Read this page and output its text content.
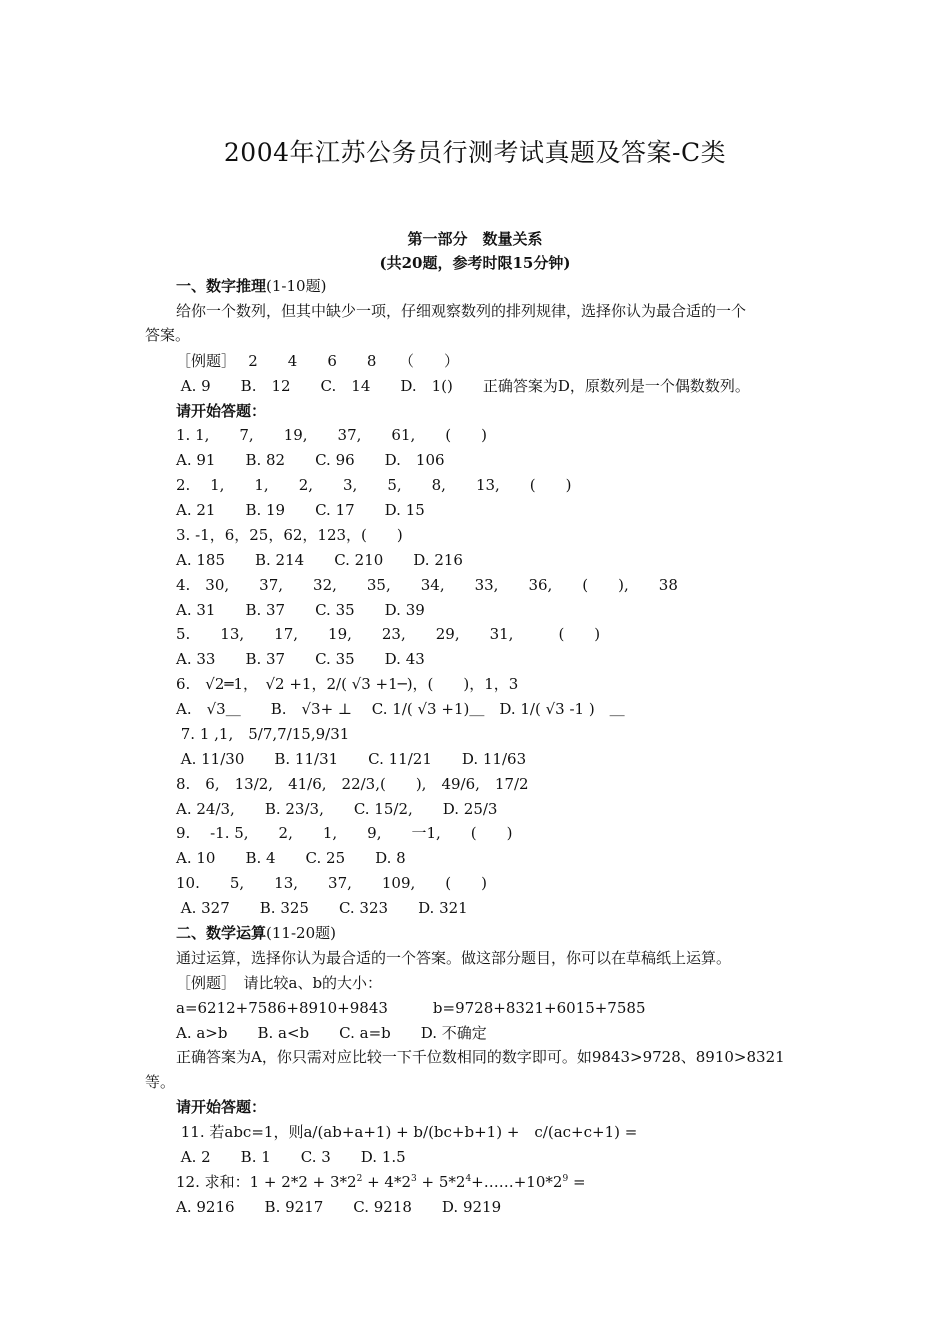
2004年江苏公务员行测考试真题及答案-C类
第一部分　数量关系
(共20题，参考时限15分钟)
一、数字推理(1-10题)
给你一个数列，但其中缺少一项，仔细观察数列的排列规律，选择你认为最合适的一个
答案。
［例题］　 2　　4　　6　　8　　（　　）
A. 9　　B.　12　　C.　14　　D.　1()　　正确答案为D，原数列是一个偶数数列。
请开始答题：
1. 1,　　7,　　19,　　37,　　61,　　(　　)
A. 91　　B. 82　　C. 96　　D.　106
2.　 1,　　1,　　2,　　3,　　5,　　8,　　13,　　(　　)
A. 21　　B. 19　　C. 17　　D. 15
3. -1，6，25，62，123，(　　)
A. 185　　B. 214　　C. 210　　D. 216
4.　30,　　37,　　32,　　35,　　34,　　33,　　36,　　(　　),　　38
A. 31　　B. 37　　C. 35　　D. 39
5.　　13,　　17,　　19,　　23,　　29,　　31,　　　(　　)
A. 33　　B. 37　　C. 35　　D. 43
6.　√2═1，　√2 +1，2/( √3 +1─)，(　　)，1，3
A.　√3＿　　B.　√3+ ⊥　 C. 1/( √3 +1)＿　D. 1/( √3 -1 )　＿
7. 1 ,1,　5/7,7/15,9/31
A. 11/30　　B. 11/31　　C. 11/21　　D. 11/63
8.　6,　13/2,　41/6,　22/3,(　　),　49/6,　17/2
A. 24/3,　　B. 23/3,　　C. 15/2,　　D. 25/3
9.　 -1. 5,　　2,　　1,　　9,　　一1,　　(　　)
A. 10　　B. 4　　C. 25　　D. 8
10.　　5,　　13,　　37,　　109,　　(　　)
A. 327　　B. 325　　C. 323　　D. 321
二、数学运算(11-20题)
通过运算，选择你认为最合适的一个答案。做这部分题目，你可以在草稿纸上运算。
［例题］　请比较a、b的大小：
a=6212+7586+8910+9843　　　b=9728+8321+6015+7585
A. a>b　　B. a<b　　C. a=b　　D. 不确定
正确答案为A，你只需对应比较一下千位数相同的数字即可。如9843>9728、8910>8321
等。
请开始答题：
11. 若abc=1，则a/(ab+a+1) + b/(bc+b+1) +　c/(ac+c+1) =
A. 2　　B. 1　　C. 3　　D. 1.5
12. 求和：$1 + 2*2 + 3*2^2 + 4*2^3$ + $5*2^4+\dots\dots+10*2^9$ =
A. 9216　　B. 9217　　C. 9218　　D. 9219
